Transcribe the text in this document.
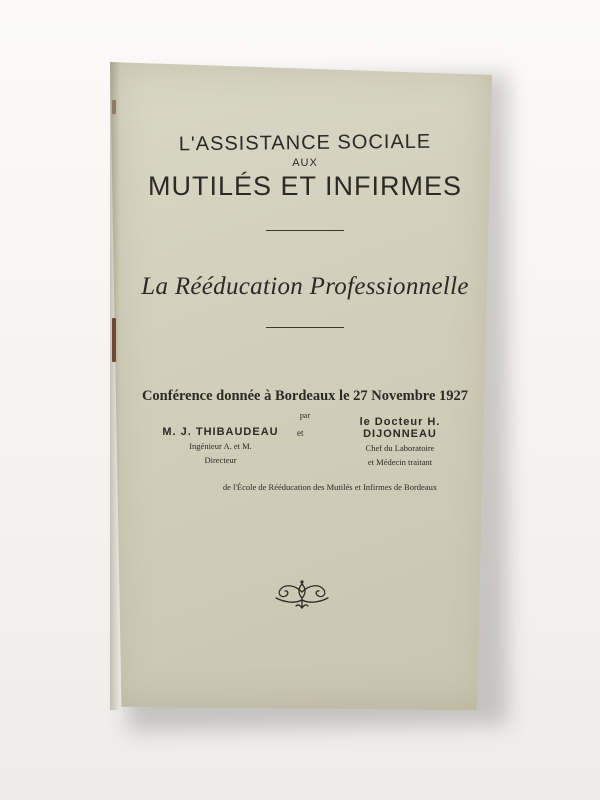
L'ASSISTANCE SOCIALE
AUX
MUTILÉS ET INFIRMES
La Rééducation Professionnelle
Conférence donnée à Bordeaux le 27 Novembre 1927
par
M. J. THIBAUDEAU
Ingénieur A. et M.
Directeur
et
le Docteur H. DIJONNEAU
Chef du Laboratoire
et Médecin traitant
de l'École de Rééducation des Mutilés et Infirmes de Bordeaux
